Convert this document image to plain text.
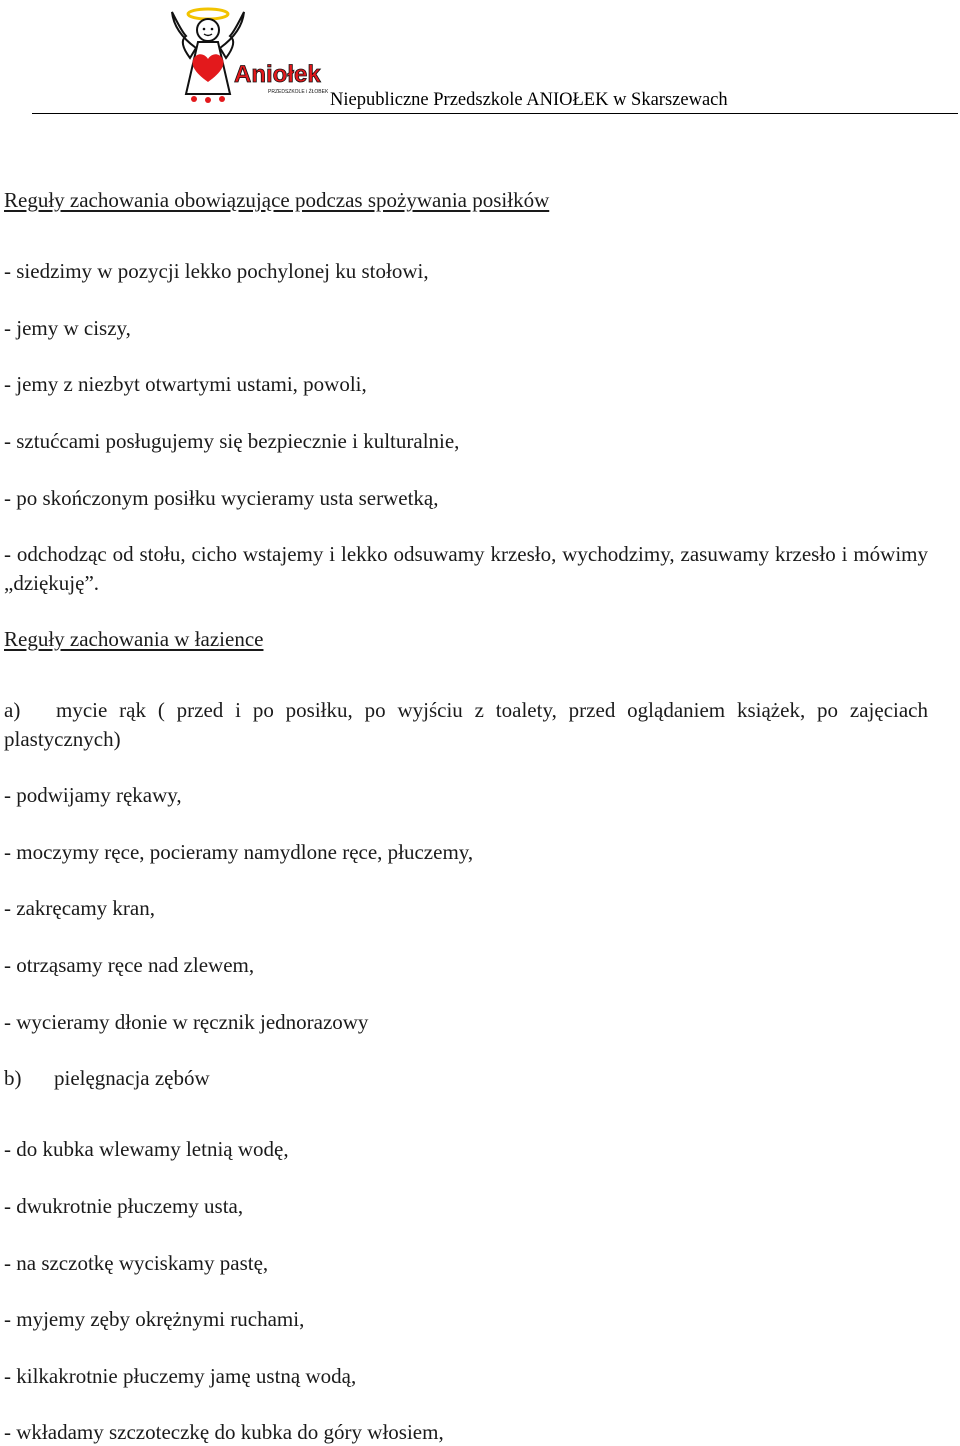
Aniołek
PRZEDSZKOLE i ŻŁOBEK Niepubliczne Przedszkole ANIOŁEK w Skarszewach
Reguły zachowania obowiązujące podczas spożywania posiłków
- siedzimy w pozycji lekko pochylonej ku stołowi,
- jemy w ciszy,
- jemy z niezbyt otwartymi ustami, powoli,
- sztućcami posługujemy się bezpiecznie i kulturalnie,
- po skończonym posiłku wycieramy usta serwetką,
- odchodząc od stołu, cicho wstajemy i lekko odsuwamy krzesło, wychodzimy, zasuwamy krzesło i mówimy „dziękuję”.
Reguły zachowania w łazience
a) mycie rąk ( przed i po posiłku, po wyjściu z toalety, przed oglądaniem książek, po zajęciach plastycznych)
- podwijamy rękawy,
- moczymy ręce, pocieramy namydlone ręce, płuczemy,
- zakręcamy kran,
- otrząsamy ręce nad zlewem,
- wycieramy dłonie w ręcznik jednorazowy
b) pielęgnacja zębów
- do kubka wlewamy letnią wodę,
- dwukrotnie płuczemy usta,
- na szczotkę wyciskamy pastę,
- myjemy zęby okrężnymi ruchami,
- kilkakrotnie płuczemy jamę ustną wodą,
- wkładamy szczoteczkę do kubka do góry włosiem,
